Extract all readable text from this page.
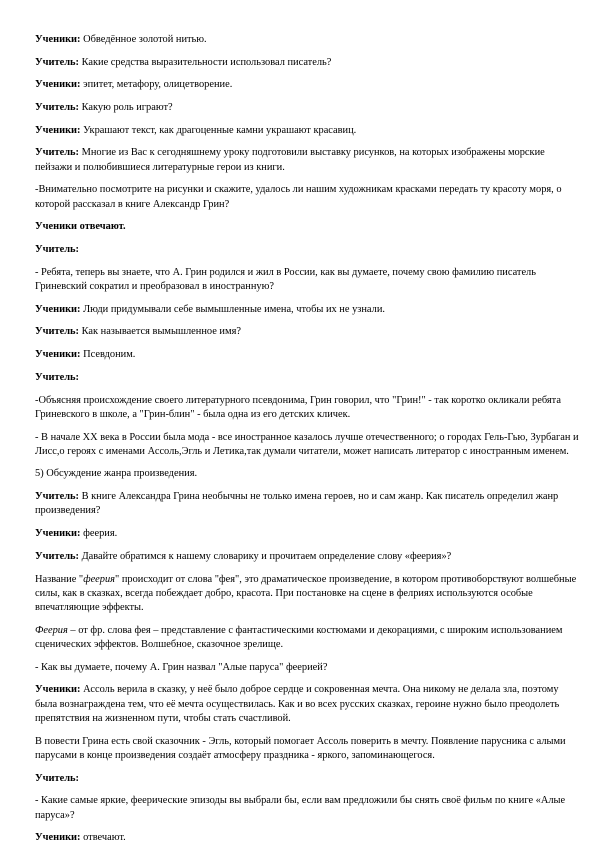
Ученики: Обведённое золотой нитью.

Учитель: Какие средства выразительности использовал писатель?

Ученики: эпитет, метафору, олицетворение.

Учитель: Какую роль играют?

Ученики: Украшают текст, как драгоценные камни украшают красавиц.

Учитель: Многие из Вас к сегодняшнему уроку подготовили выставку рисунков, на которых изображены морские пейзажи и полюбившиеся литературные герои из книги.

-Внимательно посмотрите на рисунки и скажите, удалось ли нашим художникам красками передать ту красоту моря, о которой рассказал в книге Александр Грин?

Ученики отвечают.

Учитель:

- Ребята, теперь вы знаете, что А. Грин родился и жил в России, как вы думаете, почему свою фамилию писатель Гриневский сократил и преобразовал в иностранную?

Ученики: Люди придумывали себе вымышленные имена, чтобы их не узнали.

Учитель: Как называется вымышленное имя?

Ученики: Псевдоним.

Учитель:

-Объясняя происхождение своего литературного псевдонима, Грин говорил, что "Грин!" - так коротко окликали ребята Гриневского в школе, а "Грин-блин" - была одна из его детских кличек.

- В начале XX века в России была мода - все иностранное казалось лучше отечественного; о городах Гель-Гью, Зурбаган и Лисс,о героях с именами Ассоль,Эгль и Летика,так думали читатели, может написать литератор с иностранным именем.

5) Обсуждение жанра произведения.

Учитель: В книге Александра Грина необычны не только имена героев, но и сам жанр. Как писатель определил жанр произведения?

Ученики: феерия.

Учитель: Давайте обратимся к нашему словарику и прочитаем определение слову «феерия»?

Название "феерия" происходит от слова "фея", это драматическое произведение, в котором противоборствуют волшебные силы, как в сказках, всегда побеждает добро, красота. При постановке на сцене в фелриях используются особые впечатляющие эффекты.

Феерия – от фр. слова фея – представление с фантастическими костюмами и декорациями, с широким использованием сценических эффектов. Волшебное, сказочное зрелище.

- Как вы думаете, почему А. Грин назвал "Алые паруса" феерией?

Ученики: Ассоль верила в сказку, у неё было доброе сердце и сокровенная мечта. Она никому не делала зла, поэтому была вознаграждена тем, что её мечта осуществилась. Как и во всех русских сказках, героине нужно было преодолеть препятствия на жизненном пути, чтобы стать счастливой.

В повести Грина есть свой сказочник - Эгль, который помогает Ассоль поверить в мечту. Появление парусника с алыми парусами в конце произведения создаёт атмосферу праздника - яркого, запоминающегося.

Учитель:

- Какие самые яркие, феерические эпизоды вы выбрали бы, если вам предложили бы снять своё фильм по книге «Алые паруса»?

Ученики: отвечают.
